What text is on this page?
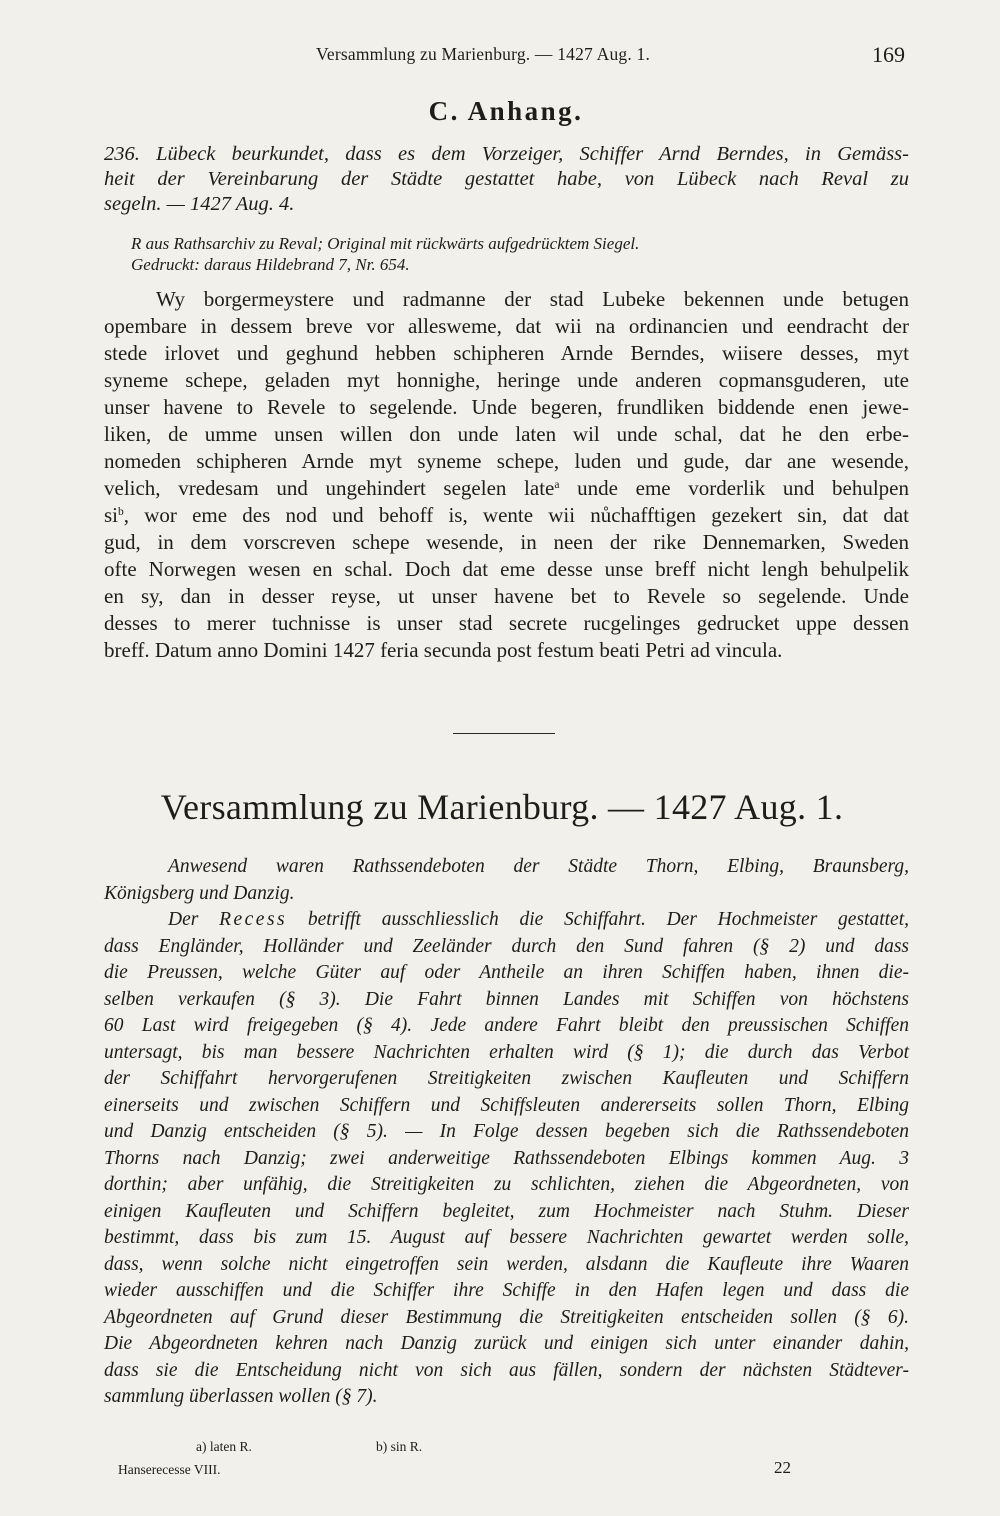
Versammlung zu Marienburg. — 1427 Aug. 1.	169
C. Anhang.
236. Lübeck beurkundet, dass es dem Vorzeiger, Schiffer Arnd Berndes, in Gemäss-
heit der Vereinbarung der Städte gestattet habe, von Lübeck nach Reval zu
segeln. — 1427 Aug. 4.
R aus Rathsarchiv zu Reval; Original mit rückwärts aufgedrücktem Siegel.
Gedruckt: daraus Hildebrand 7, Nr. 654.
Wy borgermeystere und radmanne der stad Lubeke bekennen unde betugen
opembare in dessem breve vor allesweme, dat wii na ordinancien und eendracht der
stede irlovet und geghund hebben schipheren Arnde Berndes, wiisere desses, myt
syneme schepe, geladen myt honnighe, heringe unde anderen copmansguderen, ute
unser havene to Revele to segelende. Unde begeren, frundliken biddende enen jewe-
liken, de umme unsen willen don unde laten wil unde schal, dat he den erbe-
nomeden schipheren Arnde myt syneme schepe, luden und gude, dar ane wesende,
velich, vredesam und ungehindert segelen late$^a$ unde eme vorderlik und behulpen
$si^b$, wor eme des nod und behoff is, wente wii nůchafftigen gezekert sin, dat dat
gud, in dem vorscreven schepe wesende, in neen der rike Dennemarken, Sweden
ofte Norwegen wesen en schal. Doch dat eme desse unse breff nicht lengh behulpelik
en sy, dan in desser reyse, ut unser havene bet to Revele so segelende. Unde
desses to merer tuchnisse is unser stad secrete rucgelinges gedrucket uppe dessen
breff. Datum anno Domini 1427 feria secunda post festum beati Petri ad vincula.
Versammlung zu Marienburg. — 1427 Aug. 1.
Anwesend waren Rathssendeboten der Städte Thorn, Elbing, Braunsberg,
Königsberg und Danzig.
Der Recess betrifft ausschliesslich die Schiffahrt. Der Hochmeister gestattet,
dass Engländer, Holländer und Zeeländer durch den Sund fahren (§ 2) und dass
die Preussen, welche Güter auf oder Antheile an ihren Schiffen haben, ihnen die-
selben verkaufen (§ 3). Die Fahrt binnen Landes mit Schiffen von höchstens
60 Last wird freigegeben (§ 4). Jede andere Fahrt bleibt den preussischen Schiffen
untersagt, bis man bessere Nachrichten erhalten wird (§ 1); die durch das Verbot
der Schiffahrt hervorgerufenen Streitigkeiten zwischen Kaufleuten und Schiffern
einerseits und zwischen Schiffern und Schiffsleuten andererseits sollen Thorn, Elbing
und Danzig entscheiden (§ 5). — In Folge dessen begeben sich die Rathssendeboten
Thorns nach Danzig; zwei anderweitige Rathssendeboten Elbings kommen Aug. 3
dorthin; aber unfähig, die Streitigkeiten zu schlichten, ziehen die Abgeordneten, von
einigen Kaufleuten und Schiffern begleitet, zum Hochmeister nach Stuhm. Dieser
bestimmt, dass bis zum 15. August auf bessere Nachrichten gewartet werden solle,
dass, wenn solche nicht eingetroffen sein werden, alsdann die Kaufleute ihre Waaren
wieder ausschiffen und die Schiffer ihre Schiffe in den Hafen legen und dass die
Abgeordneten auf Grund dieser Bestimmung die Streitigkeiten entscheiden sollen (§ 6).
Die Abgeordneten kehren nach Danzig zurück und einigen sich unter einander dahin,
dass sie die Entscheidung nicht von sich aus fällen, sondern der nächsten Städtever-
sammlung überlassen wollen (§ 7).
a) laten R.	b) sin R.
Hanserecesse VIII.	22
